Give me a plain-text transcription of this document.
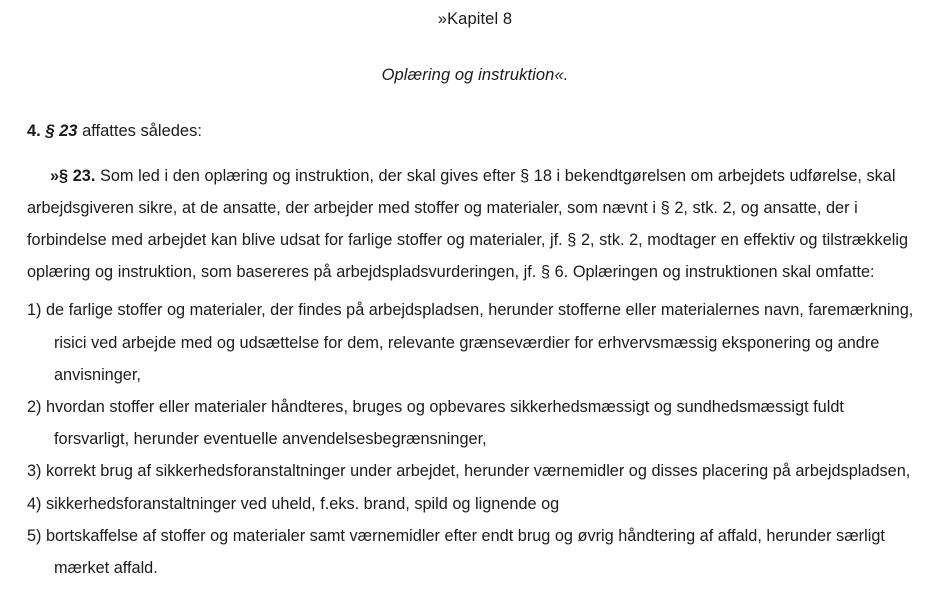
»Kapitel 8
Oplæring og instruktion«.
4. § 23 affattes således:

»§ 23. Som led i den oplæring og instruktion, der skal gives efter § 18 i bekendtgørelsen om arbejdets udførelse, skal arbejdsgiveren sikre, at de ansatte, der arbejder med stoffer og materialer, som nævnt i § 2, stk. 2, og ansatte, der i forbindelse med arbejdet kan blive udsat for farlige stoffer og materialer, jf. § 2, stk. 2, modtager en effektiv og tilstrækkelig oplæring og instruktion, som basereres på arbejdspladsvurderingen, jf. § 6. Oplæringen og instruktionen skal omfatte:

1) de farlige stoffer og materialer, der findes på arbejdspladsen, herunder stofferne eller materialernes navn, faremærkning, risici ved arbejde med og udsættelse for dem, relevante grænseværdier for erhvervsmæssig eksponering og andre anvisninger,
2) hvordan stoffer eller materialer håndteres, bruges og opbevares sikkerhedsmæssigt og sundhedsmæssigt fuldt forsvarligt, herunder eventuelle anvendelsesbegrænsninger,
3) korrekt brug af sikkerhedsforanstaltninger under arbejdet, herunder værnemidler og disses placering på arbejdspladsen,
4) sikkerhedsforanstaltninger ved uheld, f.eks. brand, spild og lignende og
5) bortskaffelse af stoffer og materialer samt værnemidler efter endt brug og øvrig håndtering af affald, herunder særligt mærket affald.
